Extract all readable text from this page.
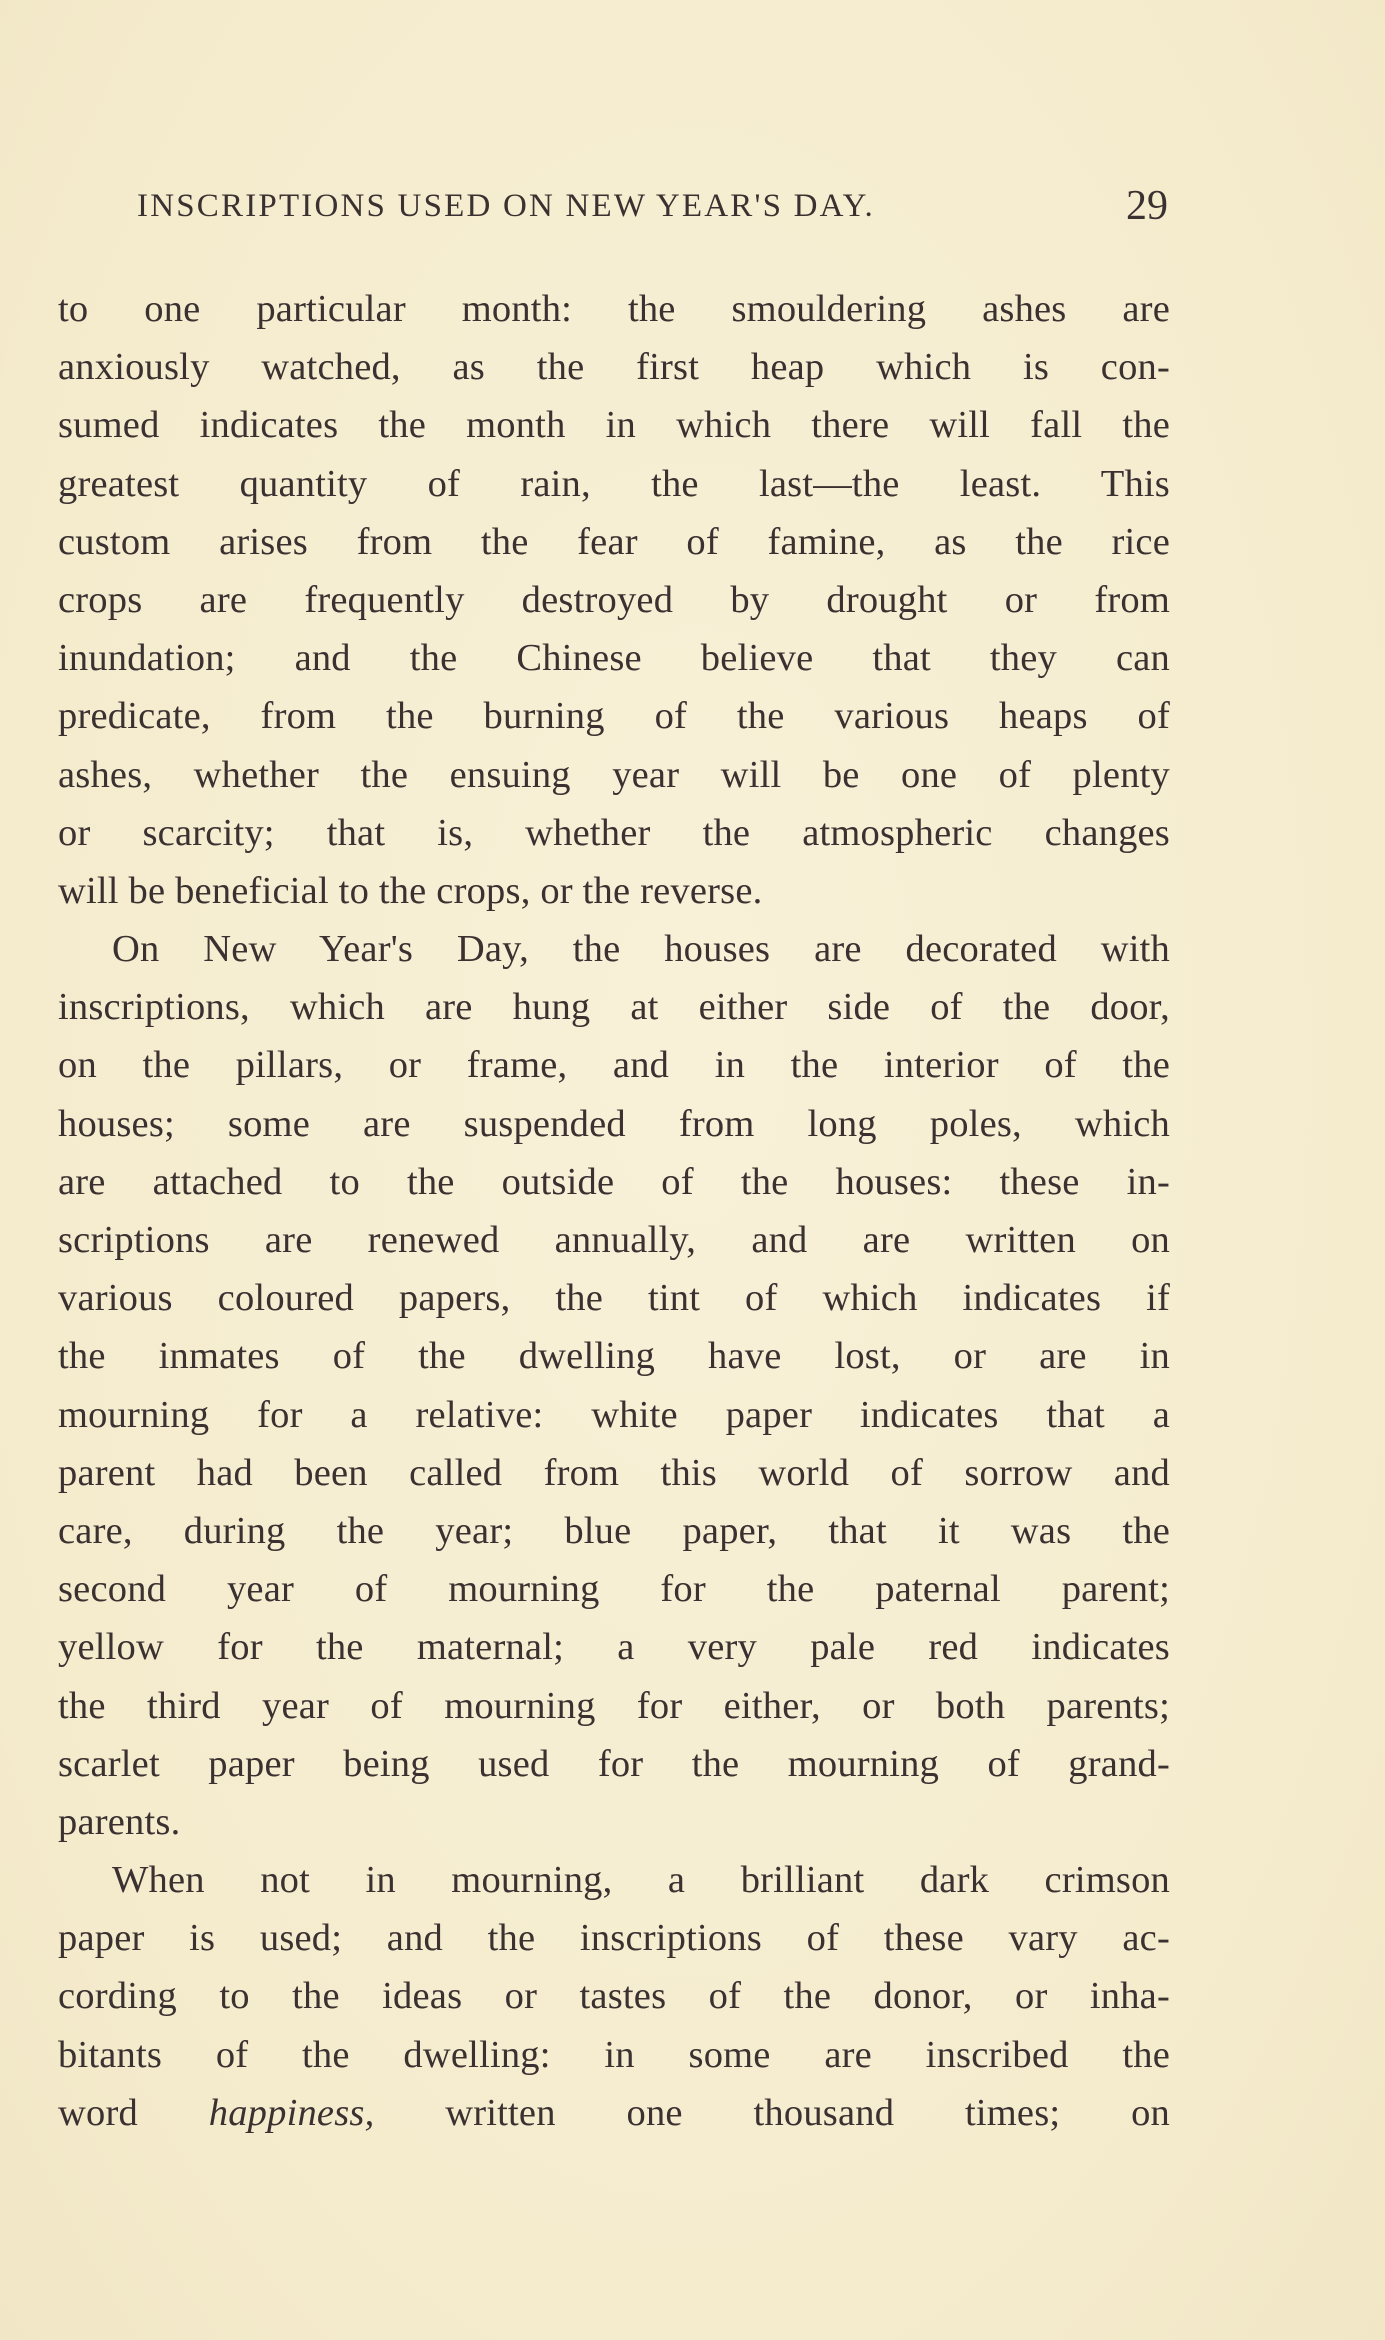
INSCRIPTIONS USED ON NEW YEAR'S DAY.	29
to one particular month: the smouldering ashes are
anxiously watched, as the first heap which is con-
sumed indicates the month in which there will fall the
greatest quantity of rain, the last—the least. This
custom arises from the fear of famine, as the rice
crops are frequently destroyed by drought or from
inundation; and the Chinese believe that they can
predicate, from the burning of the various heaps of
ashes, whether the ensuing year will be one of plenty
or scarcity; that is, whether the atmospheric changes
will be beneficial to the crops, or the reverse.
On New Year's Day, the houses are decorated with
inscriptions, which are hung at either side of the door,
on the pillars, or frame, and in the interior of the
houses; some are suspended from long poles, which
are attached to the outside of the houses: these in-
scriptions are renewed annually, and are written on
various coloured papers, the tint of which indicates if
the inmates of the dwelling have lost, or are in
mourning for a relative: white paper indicates that a
parent had been called from this world of sorrow and
care, during the year; blue paper, that it was the
second year of mourning for the paternal parent;
yellow for the maternal; a very pale red indicates
the third year of mourning for either, or both parents;
scarlet paper being used for the mourning of grand-
parents.
When not in mourning, a brilliant dark crimson
paper is used; and the inscriptions of these vary ac-
cording to the ideas or tastes of the donor, or inha-
bitants of the dwelling: in some are inscribed the
word happiness, written one thousand times; on
